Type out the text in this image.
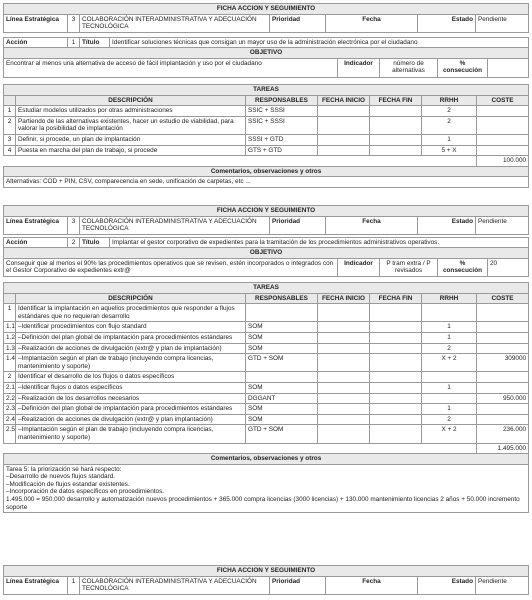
FICHA ACCION Y SEGUIMIENTO
Línea Estratégica	3	COLABORACIÓN INTERADMINISTRATIVA Y ADECUACIÓN TECNOLÓGICA	Prioridad	Fecha	Estado	Pendiente
Acción	1	Título	Identificar soluciones técnicas que consigan un mayor uso de la administración electrónica por el ciudadano
OBJETIVO
Encontrar al menos una alternativa de acceso de fácil implantación y uso por el ciudadano	Indicador	número de alternativas	% consecución	
TAREAS						
	DESCRIPCIÓN	RESPONSABLES	FECHA INICIO	FECHA FIN	RRHH	COSTE
1	Estudiar modelos utilizados por otras administraciones	SSIC + SSSI			2	
2	Partiendo de las alternativas existentes, hacer un estudio de viabilidad, para valorar la posibilidad de implantación	SSIC + SSSI			2	
3	Definir, si procede, un plan de implantación	SSSI + GTD			1	
4	Puesta en marcha del plan de trabajo, si procede	GTS + GTD			5 + X	
						100.000
Comentarios, observaciones y otros						
Alternativas: COD + PIN, CSV, comparecencia en sede, unificación de carpetas, etc ...						
FICHA ACCION Y SEGUIMIENTO
Línea Estratégica	3	COLABORACIÓN INTERADMINISTRATIVA Y ADECUACIÓN TECNOLÓGICA	Prioridad	Fecha	Estado	Pendiente
Acción	2	Título	Implantar el gestor corporativo de expedientes para la tramitación de los procedimientos administrativos operativos.
OBJETIVO
Conseguir que al menos el 90% las procedimientos operativos que se revisen, estén incorporados o integrados con el Gestor Corporativo de expedientes extr@	Indicador	P tram extra / P revisados	% consecución	20
TAREAS						
	DESCRIPCIÓN	RESPONSABLES	FECHA INICIO	FECHA FIN	RRHH	COSTE
1	Identificar la implantación en aquellos procedimientos que responder a flujos estándares que no requieran desarrollo					
1.1	–Identificar procedimientos con flujo standard	SOM			1	
1.2	–Definición del plan global de implantación para procedimientos estándares	SOM			1	
1.3	–Realización de acciones de divulgación (extr@ y plan de implantación)	SOM			2	
1.4	–Implantación según el plan de trabajo (incluyendo compra licencias, mantenimiento y soporte)	GTD + SOM			X + 2	309000
2	Identificar el desarrollo de los flujos o datos específicos					
2.1	–Identificar flujos o datos específicos	SOM			1	
2.2	–Realización de los desarrollos necesarios	DGGANT				950.000
2.3	–Definición del plan global de implantación para procedimientos estándares	SOM			1	
2.4	–Realización de acciones de divulgación (extr@ y plan implantación)	SOM			2	
2.5	–Implantación según el plan de trabajo (incluyendo compra licencias, mantenimiento y soporte)	GTD + SOM			X + 2	236.000
						1.495.000
Comentarios, observaciones y otros						

Tarea 5: la priorización se hará respecto:
–Desarrollo de nuevos flujos standard.
–Modificación de flujos estandar existentes.
–Incorporación de datos específicos en procedimientos.
1.495.000 = 950.000 desarrollo y automatización nuevos procedimientos + 365.000 compra licencias (3000 licencias) + 130.000 mantenimiento licencias 2 años + 50.000 incremento soporte						
FICHA ACCION Y SEGUIMIENTO
Línea Estratégica	1	COLABORACIÓN INTERADMINISTRATIVA Y ADECUACIÓN TECNOLÓGICA	Prioridad	Fecha	Estado	Pendiente
